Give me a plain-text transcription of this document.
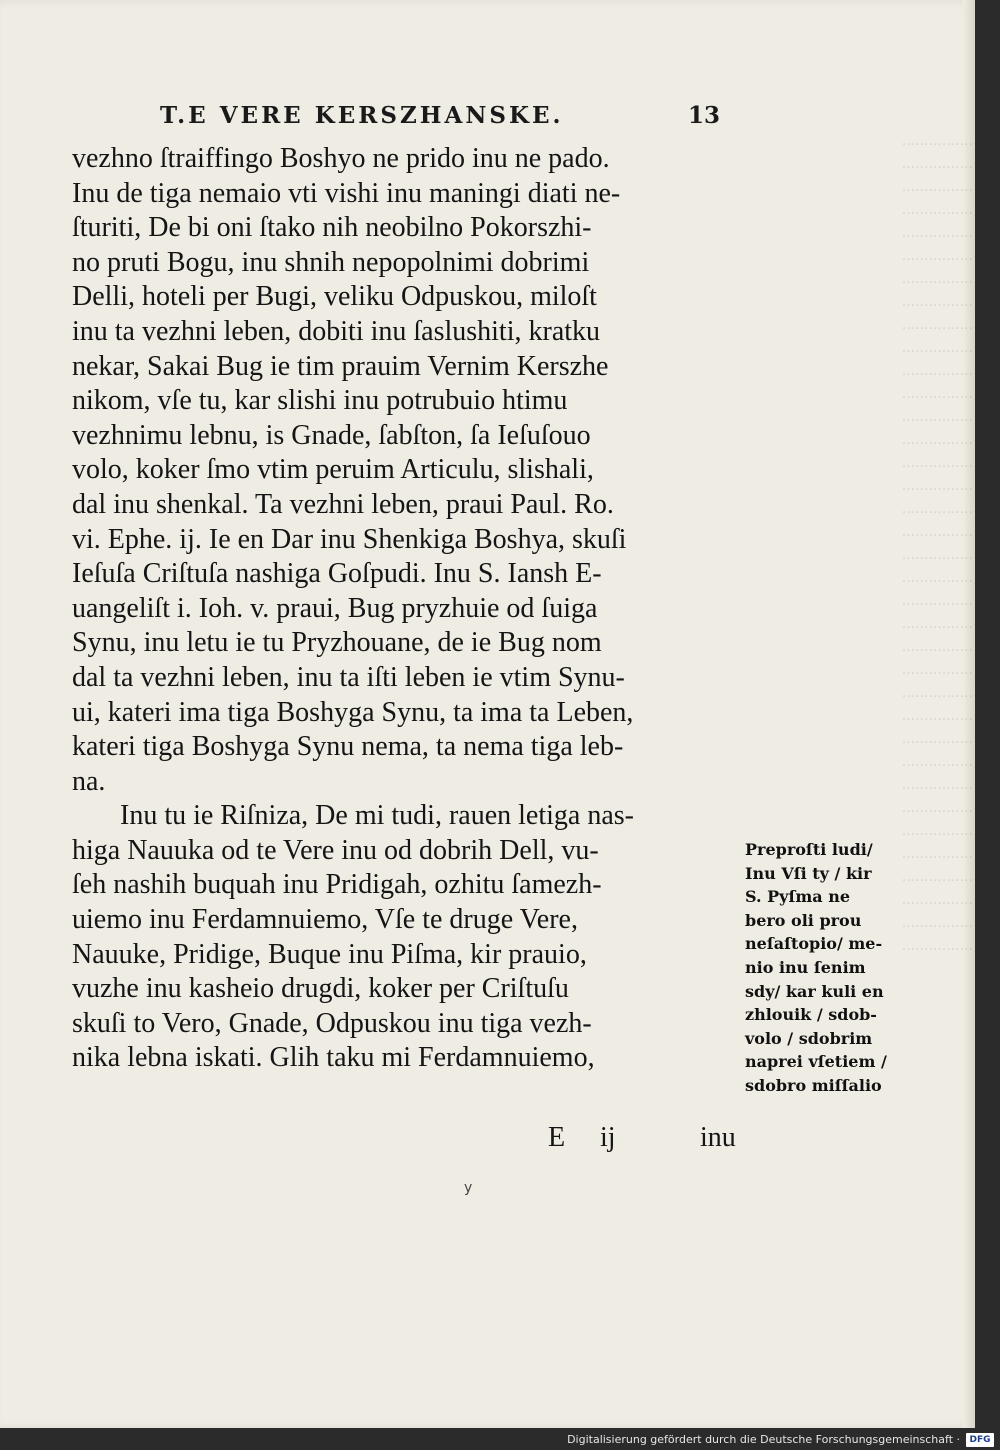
................
................
................
................
................
................
................
................
................
................
................
................
................
................
................
................
................
................
................
................
................
................
................
................
................
................
................
................
................
................
................
................
................
................
................
................
T.E VERE KERSZHANSKE.	13
vezhno ſtraiffingo Boshyo ne prido inu ne pado.
Inu de tiga nemaio vti vishi inu maningi diati ne-
ſturiti, De bi oni ſtako nih neobilno Pokorszhi-
no pruti Bogu, inu shnih nepopolnimi dobrimi
Delli, hoteli per Bugi, veliku Odpuskou, miloſt
inu ta vezhni leben, dobiti inu ſaslushiti, kratku
nekar, Sakai Bug ie tim prauim Vernim Kerszhe
nikom, vſe tu, kar slishi inu potrubuio htimu
vezhnimu lebnu, is Gnade, ſabſton, ſa Ieſuſouo
volo, koker ſmo vtim peruim Articulu, slishali,
dal inu shenkal. Ta vezhni leben, praui Paul. Ro.
vi. Ephe. ij. Ie en Dar inu Shenkiga Boshya, skuſi
Ieſuſa Criſtuſa nashiga Goſpudi. Inu S. Iansh E-
uangeliſt i. Ioh. v. praui, Bug pryzhuie od ſuiga
Synu, inu letu ie tu Pryzhouane, de ie Bug nom
dal ta vezhni leben, inu ta iſti leben ie vtim Synu-
ui, kateri ima tiga Boshyga Synu, ta ima ta Leben,
kateri tiga Boshyga Synu nema, ta nema tiga leb-
na.
Inu tu ie Riſniza, De mi tudi, rauen letiga nas-
higa Nauuka od te Vere inu od dobrih Dell, vu-
ſeh nashih buquah inu Pridigah, ozhitu ſamezh-
uiemo inu Ferdamnuiemo, Vſe te druge Vere,
Nauuke, Pridige, Buque inu Piſma, kir prauio,
vuzhe inu kasheio drugdi, koker per Criſtuſu
skuſi to Vero, Gnade, Odpuskou inu tiga vezh-
nika lebna iskati. Glih taku mi Ferdamnuiemo,
Preproſti ludi/
Inu Vſi ty / kir
S. Pyſma ne
bero oli prou
neſaſtopio/ me-
nio inu ſenim
sdy/ kar kuli en
zhlouik / sdob-
volo / sdobrim
naprei vſetiem /
sdobro miſſalio
E ij	inu
y
Digitalisierung gefördert durch die Deutsche Forschungsgemeinschaft ·	DFG
